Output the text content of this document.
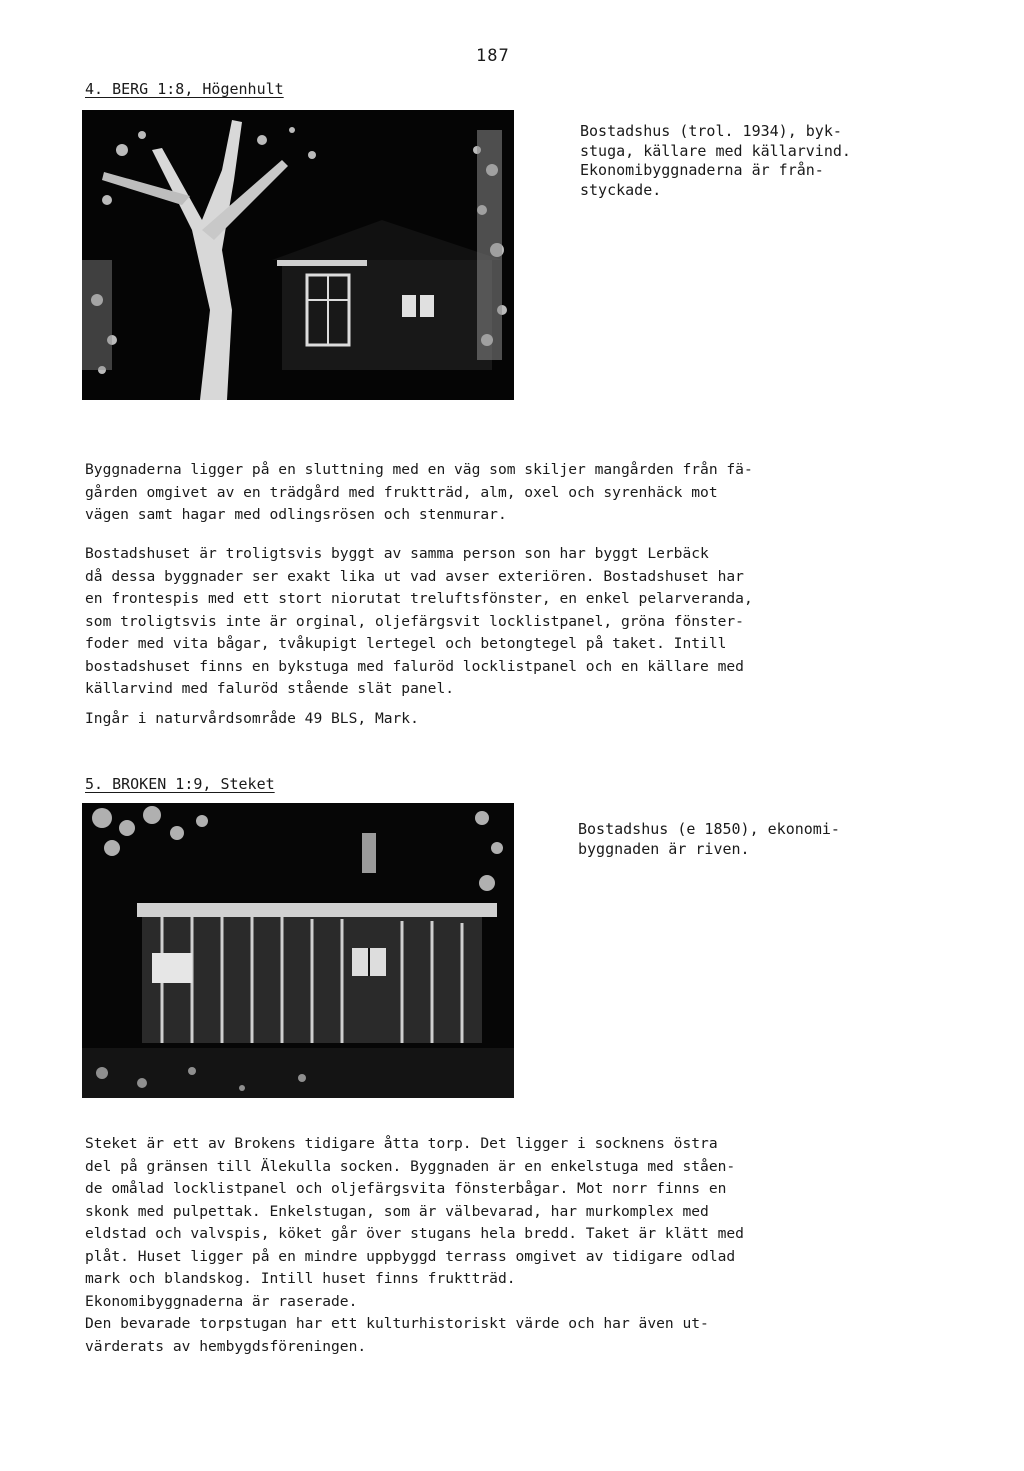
187
4. BERG 1:8, Högenhult
Bostadshus (trol. 1934), byk-
stuga, källare med källarvind.
Ekonomibyggnaderna är från-
styckade.
Byggnaderna ligger på en sluttning med en väg som skiljer mangården från fä-
gården omgivet av en trädgård med fruktträd, alm, oxel och syrenhäck mot
vägen samt hagar med odlingsrösen och stenmurar.
Bostadshuset är troligtsvis byggt av samma person son har byggt Lerbäck
då dessa byggnader ser exakt lika ut vad avser exteriören. Bostadshuset har
en frontespis med ett stort niorutat treluftsfönster, en enkel pelarveranda,
som troligtsvis inte är orginal, oljefärgsvit locklistpanel, gröna fönster-
foder med vita bågar, tvåkupigt lertegel och betongtegel på taket. Intill
bostadshuset finns en bykstuga med faluröd locklistpanel och en källare med
källarvind med faluröd stående slät panel.
Ingår i naturvårdsområde 49 BLS, Mark.
5. BROKEN 1:9, Steket
Bostadshus (e 1850), ekonomi-
byggnaden är riven.
Steket är ett av Brokens tidigare åtta torp. Det ligger i socknens östra
del på gränsen till Älekulla socken. Byggnaden är en enkelstuga med ståen-
de omålad locklistpanel och oljefärgsvita fönsterbågar. Mot norr finns en
skonk med pulpettak. Enkelstugan, som är välbevarad, har murkomplex med
eldstad och valvspis, köket går över stugans hela bredd. Taket är klätt med
plåt. Huset ligger på en mindre uppbyggd terrass omgivet av tidigare odlad
mark och blandskog. Intill huset finns fruktträd.
Ekonomibyggnaderna är raserade.
Den bevarade torpstugan har ett kulturhistoriskt värde och har även ut-
värderats av hembygdsföreningen.
